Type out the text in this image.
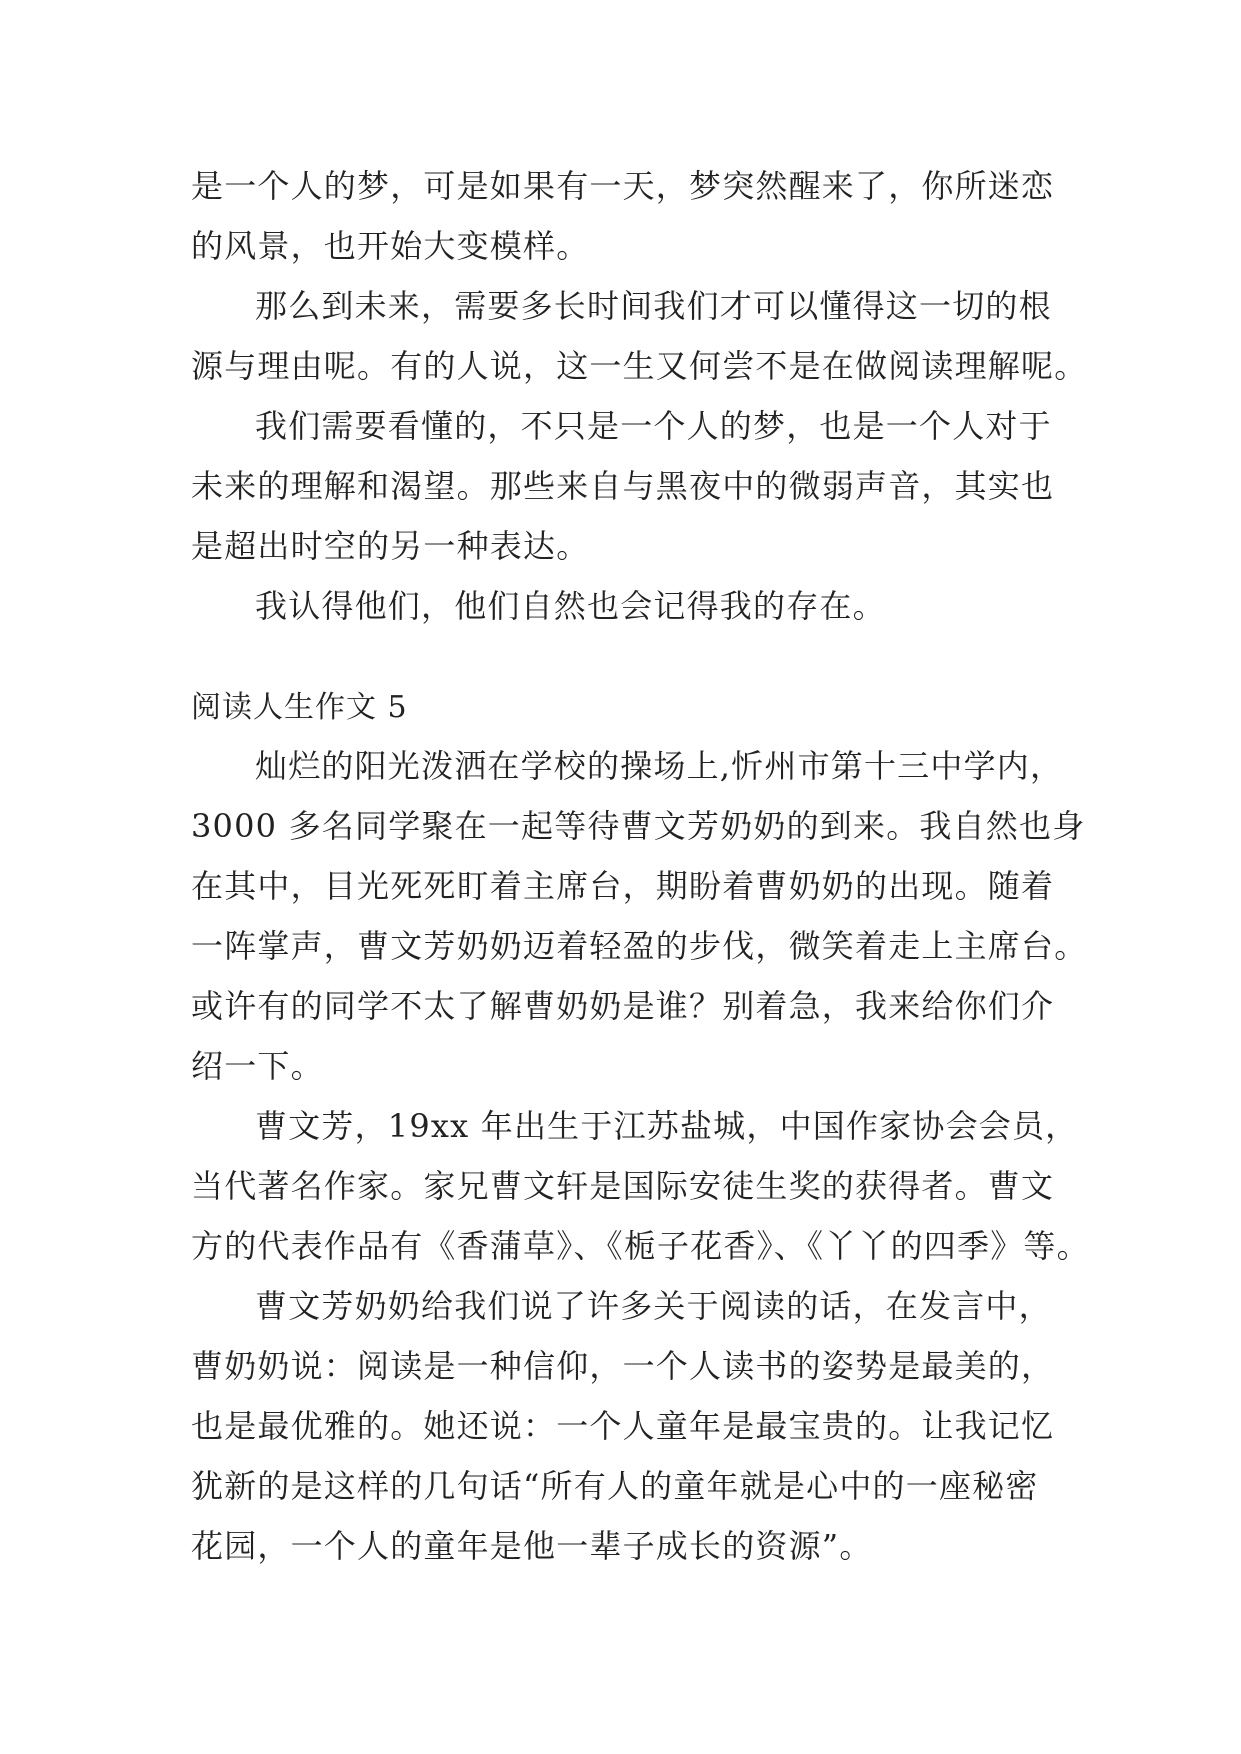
是一个人的梦，可是如果有一天，梦突然醒来了，你所迷恋
的风景，也开始大变模样。
那么到未来，需要多长时间我们才可以懂得这一切的根
源与理由呢。有的人说，这一生又何尝不是在做阅读理解呢。
我们需要看懂的，不只是一个人的梦，也是一个人对于
未来的理解和渴望。那些来自与黑夜中的微弱声音，其实也
是超出时空的另一种表达。
我认得他们，他们自然也会记得我的存在。
阅读人生作文 5
灿烂的阳光泼洒在学校的操场上,忻州市第十三中学内，
3000 多名同学聚在一起等待曹文芳奶奶的到来。我自然也身
在其中，目光死死盯着主席台，期盼着曹奶奶的出现。随着
一阵掌声，曹文芳奶奶迈着轻盈的步伐，微笑着走上主席台。
或许有的同学不太了解曹奶奶是谁？别着急，我来给你们介
绍一下。
曹文芳，19xx 年出生于江苏盐城，中国作家协会会员，
当代著名作家。家兄曹文轩是国际安徒生奖的获得者。曹文
方的代表作品有《香蒲草》、《栀子花香》、《丫丫的四季》等。
曹文芳奶奶给我们说了许多关于阅读的话，在发言中，
曹奶奶说：阅读是一种信仰，一个人读书的姿势是最美的，
也是最优雅的。她还说：一个人童年是最宝贵的。让我记忆
犹新的是这样的几句话“所有人的童年就是心中的一座秘密
花园，一个人的童年是他一辈子成长的资源”。
